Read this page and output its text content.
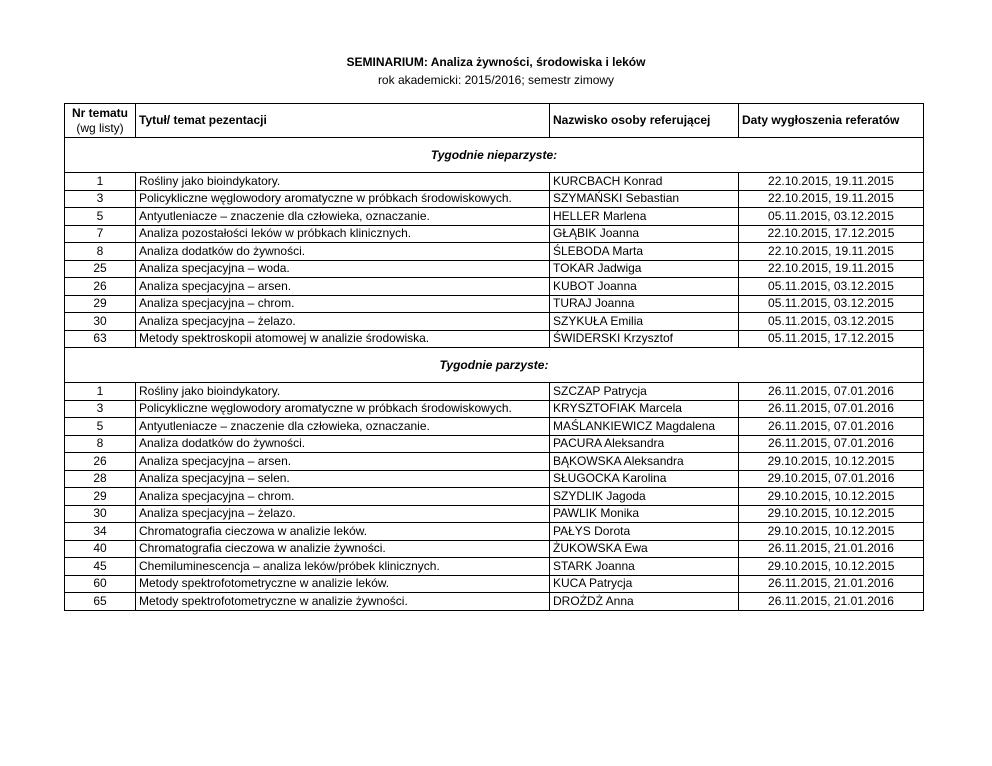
SEMINARIUM: Analiza żywności, środowiska i leków
rok akademicki: 2015/2016; semestr zimowy
Nr tematu
(wg listy)	Tytuł/ temat pezentacji	Nazwisko osoby referującej	Daty wygłoszenia referatów
Tygodnie nieparzyste:			
1	Rośliny jako bioindykatory.	KURCBACH Konrad	22.10.2015, 19.11.2015
3	Policykliczne węglowodory aromatyczne w próbkach środowiskowych.	SZYMAŃSKI Sebastian	22.10.2015, 19.11.2015
5	Antyutleniacze – znaczenie dla człowieka, oznaczanie.	HELLER Marlena	05.11.2015, 03.12.2015
7	Analiza pozostałości leków w próbkach klinicznych.	GŁĄBIK Joanna	22.10.2015, 17.12.2015
8	Analiza dodatków do żywności.	ŚLEBODA Marta	22.10.2015, 19.11.2015
25	Analiza specjacyjna – woda.	TOKAR Jadwiga	22.10.2015, 19.11.2015
26	Analiza specjacyjna – arsen.	KUBOT Joanna	05.11.2015, 03.12.2015
29	Analiza specjacyjna – chrom.	TURAJ Joanna	05.11.2015, 03.12.2015
30	Analiza specjacyjna – żelazo.	SZYKUŁA Emilia	05.11.2015, 03.12.2015
63	Metody spektroskopii atomowej w analizie środowiska.	ŚWIDERSKI Krzysztof	05.11.2015, 17.12.2015
Tygodnie parzyste:			
1	Rośliny jako bioindykatory.	SZCZAP Patrycja	26.11.2015, 07.01.2016
3	Policykliczne węglowodory aromatyczne w próbkach środowiskowych.	KRYSZTOFIAK Marcela	26.11.2015, 07.01.2016
5	Antyutleniacze – znaczenie dla człowieka, oznaczanie.	MAŚLANKIEWICZ Magdalena	26.11.2015, 07.01.2016
8	Analiza dodatków do żywności.	PACURA Aleksandra	26.11.2015, 07.01.2016
26	Analiza specjacyjna – arsen.	BĄKOWSKA Aleksandra	29.10.2015, 10.12.2015
28	Analiza specjacyjna – selen.	SŁUGOCKA Karolina	29.10.2015, 07.01.2016
29	Analiza specjacyjna – chrom.	SZYDLIK Jagoda	29.10.2015, 10.12.2015
30	Analiza specjacyjna – żelazo.	PAWLIK Monika	29.10.2015, 10.12.2015
34	Chromatografia cieczowa w analizie leków.	PAŁYS Dorota	29.10.2015, 10.12.2015
40	Chromatografia cieczowa w analizie żywności.	ŻUKOWSKA Ewa	26.11.2015, 21.01.2016
45	Chemiluminescencja – analiza leków/próbek klinicznych.	STARK Joanna	29.10.2015, 10.12.2015
60	Metody spektrofotometryczne w analizie leków.	KUCA Patrycja	26.11.2015, 21.01.2016
65	Metody spektrofotometryczne w analizie żywności.	DROŻDŻ Anna	26.11.2015, 21.01.2016
